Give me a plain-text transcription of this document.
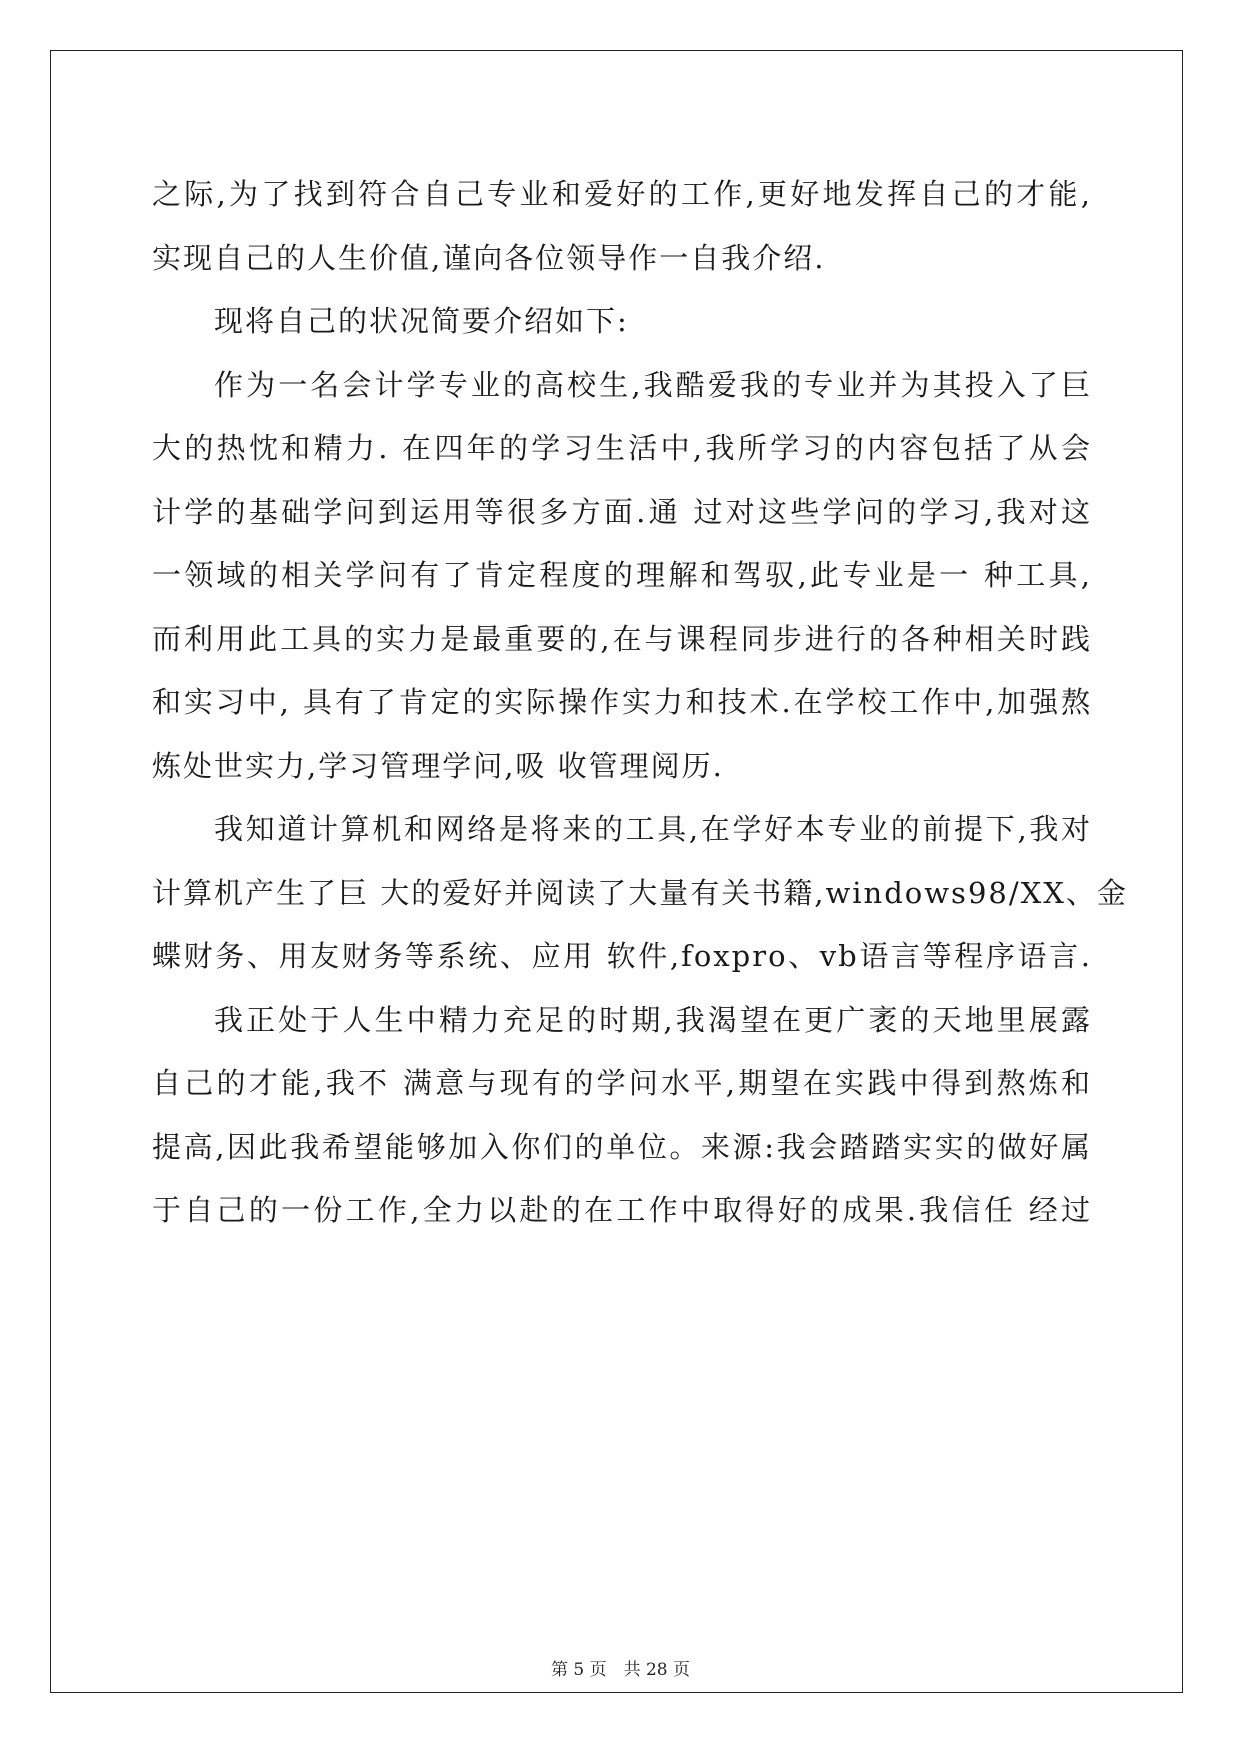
之际,为了找到符合自己专业和爱好的工作,更好地发挥自己的才能,
实现自己的人生价值,谨向各位领导作一自我介绍.
现将自己的状况简要介绍如下:
作为一名会计学专业的高校生,我酷爱我的专业并为其投入了巨
大的热忱和精力. 在四年的学习生活中,我所学习的内容包括了从会
计学的基础学问到运用等很多方面.通 过对这些学问的学习,我对这
一领域的相关学问有了肯定程度的理解和驾驭,此专业是一 种工具,
而利用此工具的实力是最重要的,在与课程同步进行的各种相关时践
和实习中, 具有了肯定的实际操作实力和技术.在学校工作中,加强熬
炼处世实力,学习管理学问,吸 收管理阅历.
我知道计算机和网络是将来的工具,在学好本专业的前提下,我对
计算机产生了巨 大的爱好并阅读了大量有关书籍,windows98/XX、金
蝶财务、用友财务等系统、应用 软件,foxpro、vb语言等程序语言.
我正处于人生中精力充足的时期,我渴望在更广袤的天地里展露
自己的才能,我不 满意与现有的学问水平,期望在实践中得到熬炼和
提高,因此我希望能够加入你们的单位。来源:我会踏踏实实的做好属
于自己的一份工作,全力以赴的在工作中取得好的成果.我信任 经过
第 5 页　共 28 页
